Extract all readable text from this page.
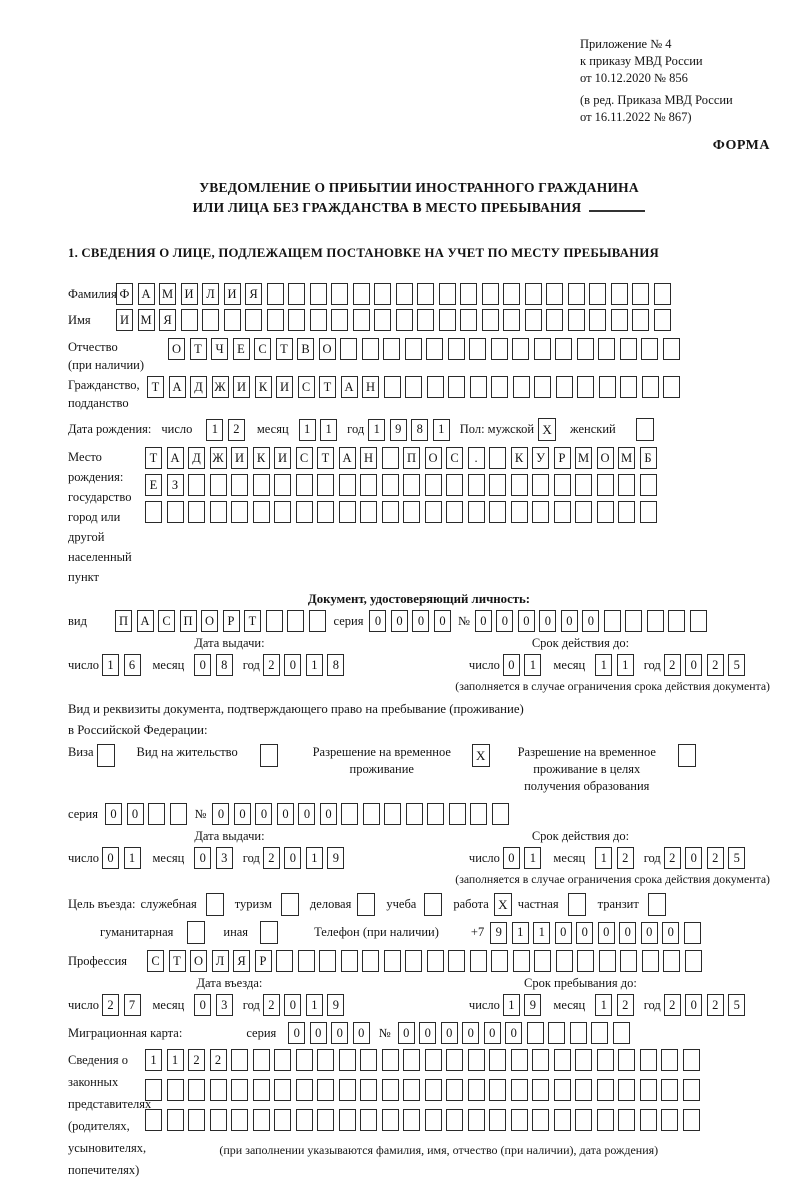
Приложение № 4
к приказу МВД России
от 10.12.2020 № 856
(в ред. Приказа МВД России
от 16.11.2022 № 867)
ФОРМА
УВЕДОМЛЕНИЕ О ПРИБЫТИИ ИНОСТРАННОГО ГРАЖДАНИНА
ИЛИ ЛИЦА БЕЗ ГРАЖДАНСТВА В МЕСТО ПРЕБЫВАНИЯ
1. СВЕДЕНИЯ О ЛИЦЕ, ПОДЛЕЖАЩЕМ ПОСТАНОВКЕ НА УЧЕТ ПО МЕСТУ ПРЕБЫВАНИЯ
Фамилия Ф А М И	Л	И	Я
Имя	И М Я
Отчество
(при наличии)
О	Т	Ч	Е	С	Т	В	О
Гражданство,
подданство
Т	А	Д Ж И	К	И	С	Т	А Н
Дата рождения: число	1	2	месяц	1	1	год 1	9	8	1	Пол: мужской X	женский
Место рождения:
государство
город или другой
населенный пункт
Т	А	Д Ж И	К	И	С	Т	А Н	П О	С	.	К	У	Р М О М Б
Е	З
Документ, удостоверяющий личность:
вид	П А	С	П О	Р	Т	серия 0	0	0	0 № 0	0	0	0	0	0
Дата выдачи:
число 1	6	месяц	0	8	год 2	0	1	8
Срок действия до:
число 0	1	месяц	1	1	год 2	0	2	5
(заполняется в случае ограничения срока действия документа)
Вид и реквизиты документа, подтверждающего право на пребывание (проживание)
в Российской Федерации:
Виза	Вид на жительство	Разрешение на временное
проживание
X	Разрешение на временное
проживание в целях
получения образования
серия 0	0	№ 0	0	0	0	0	0
Дата выдачи:
число 0	1	месяц	0	3	год 2	0	1	9
Срок действия до:
число 0	1	месяц	1	2	год 2	0	2	5
(заполняется в случае ограничения срока действия документа)
Цель въезда: служебная	туризм	деловая	учеба	работа X частная	транзит
гуманитарная	иная	Телефон (при наличии)	+7 9	1	1	0	0	0	0	0	0
Профессия	С	Т	О	Л	Я	Р
Дата въезда:
число 2	7	месяц	0	3	год 2	0	1	9
Срок пребывания до:
число 1	9	месяц	1	2	год 2	0	2	5
Миграционная карта:	серия	0	0	0	0	№ 0	0	0	0	0	0
Сведения о
законных
представителях
(родителях,
усыновителях,
попечителях)
1	1	2	2
(при заполнении указываются фамилия, имя, отчество (при наличии), дата рождения)
